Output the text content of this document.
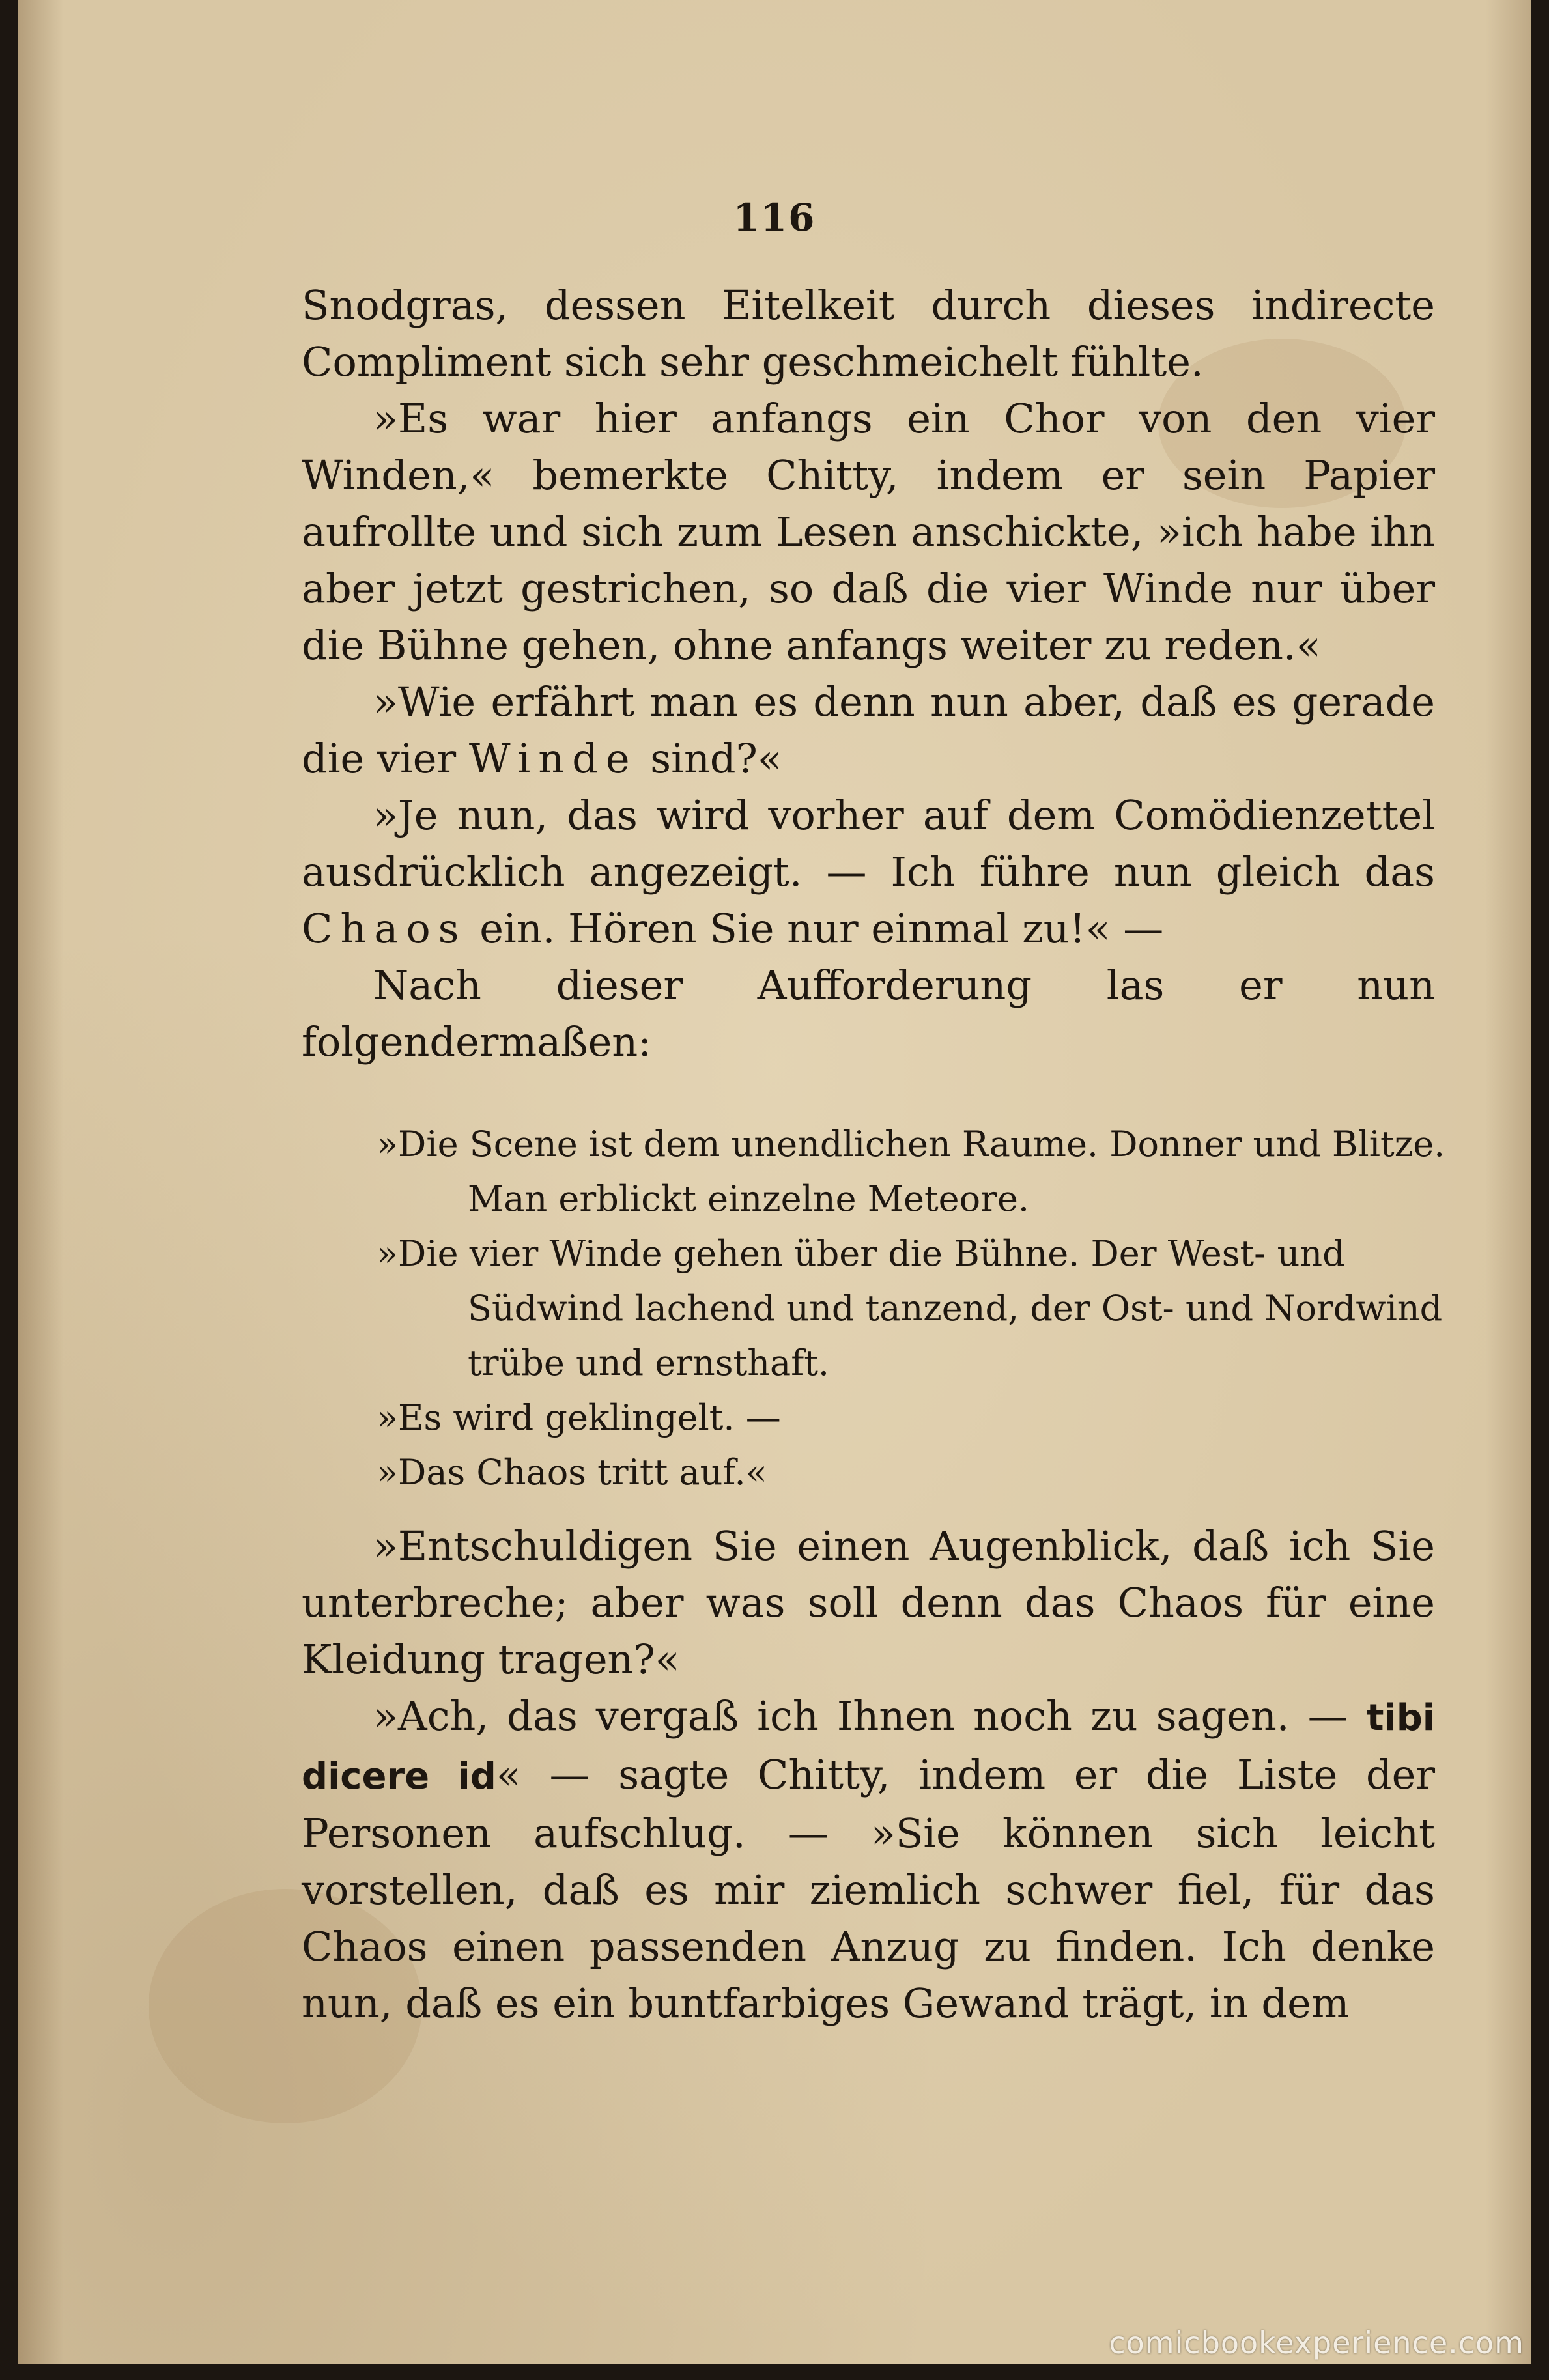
116

Snodgras, dessen Eitelkeit durch dieses indirecte Compliment sich sehr geschmeichelt fühlte.

»Es war hier anfangs ein Chor von den vier Winden,« bemerkte Chitty, indem er sein Papier aufrollte und sich zum Lesen anschickte, »ich habe ihn aber jetzt gestrichen, so daß die vier Winde nur über die Bühne gehen, ohne anfangs weiter zu reden.«

»Wie erfährt man es denn nun aber, daß es gerade die vier Winde sind?«

»Je nun, das wird vorher auf dem Comödienzettel ausdrücklich angezeigt. — Ich führe nun gleich das Chaos ein. Hören Sie nur einmal zu!« —

Nach dieser Aufforderung las er nun folgendermaßen:

»Die Scene ist dem unendlichen Raume. Donner und Blitze. Man erblickt einzelne Meteore.

»Die vier Winde gehen über die Bühne. Der West- und Südwind lachend und tanzend, der Ost- und Nordwind trübe und ernsthaft.

»Es wird geklingelt. —

»Das Chaos tritt auf.«

»Entschuldigen Sie einen Augenblick, daß ich Sie unterbreche; aber was soll denn das Chaos für eine Kleidung tragen?«

»Ach, das vergaß ich Ihnen noch zu sagen. — tibi dicere id« — sagte Chitty, indem er die Liste der Personen aufschlug. — »Sie können sich leicht vorstellen, daß es mir ziemlich schwer fiel, für das Chaos einen passenden Anzug zu finden. Ich denke nun, daß es ein buntfarbiges Gewand trägt, in dem

comicbookexperience.com
